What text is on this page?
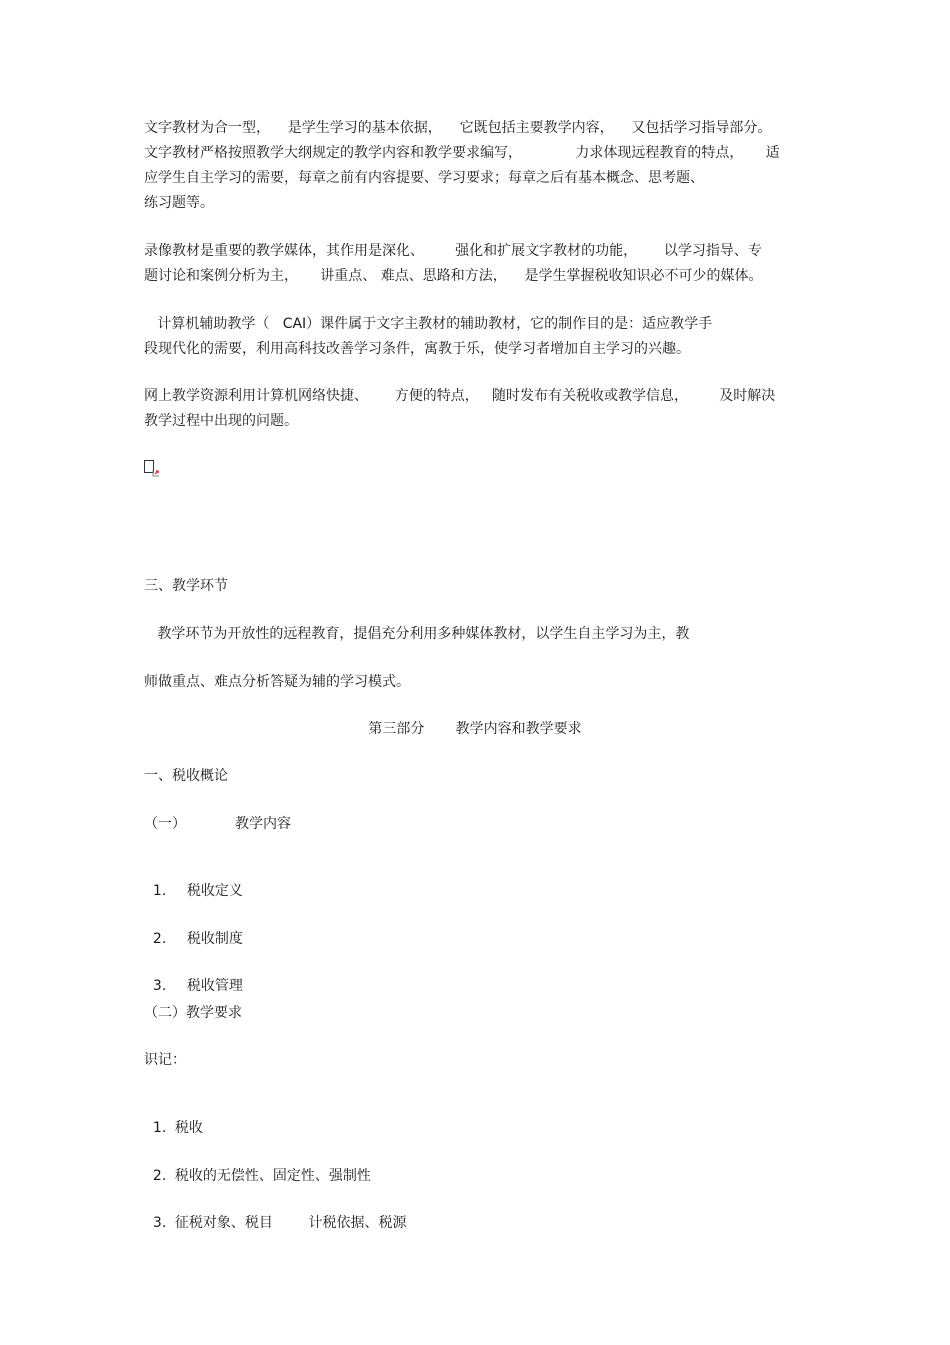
文字教材为合一型，    是学生学习的基本依据，    它既包括主要教学内容，    又包括学习指导部分。
文字教材严格按照教学大纲规定的教学内容和教学要求编写，            力求体现远程教育的特点，     适
应学生自主学习的需要，每章之前有内容提要、学习要求；每章之后有基本概念、思考题、
练习题等。
录像教材是重要的教学媒体，其作用是深化、       强化和扩展文字教材的功能，      以学习指导、专
题讨论和案例分析为主，     讲重点、 难点、思路和方法，    是学生掌握税收知识必不可少的媒体。
计算机辅助教学（   CAI）课件属于文字主教材的辅助教材，它的制作目的是：适应教学手
段现代化的需要，利用高科技改善学习条件，寓教于乐，使学习者增加自主学习的兴趣。
网上教学资源利用计算机网络快捷、      方便的特点，   随时发布有关税收或教学信息，       及时解决
教学过程中出现的问题。
三、教学环节
教学环节为开放性的远程教育，提倡充分利用多种媒体教材，以学生自主学习为主，教
师做重点、难点分析答疑为辅的学习模式。
第三部分       教学内容和教学要求
一、税收概论
（一）           教学内容

1. 税收定义

2. 税收制度

3. 税收管理

（二）教学要求
识记：

1. 税收

2. 税收的无偿性、固定性、强制性

3. 征税对象、税目        计税依据、税源
